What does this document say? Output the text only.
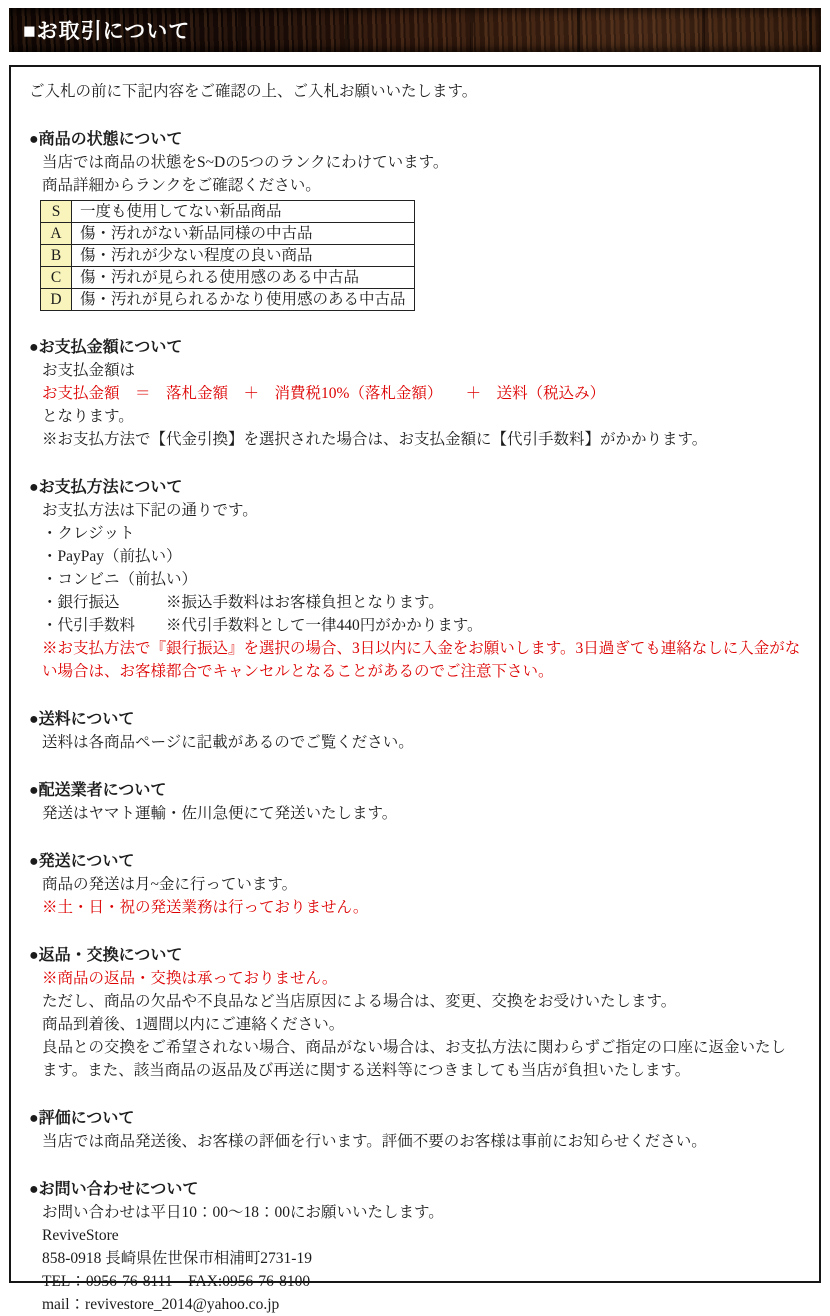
■お取引について

ご入札の前に下記内容をご確認の上、ご入札お願いいたします。

●商品の状態について
当店では商品の状態をS~Dの5つのランクにわけています。
商品詳細からランクをご確認ください。
S	一度も使用してない新品商品
A	傷・汚れがない新品同様の中古品
B	傷・汚れが少ない程度の良い商品
C	傷・汚れが見られる使用感のある中古品
D	傷・汚れが見られるかなり使用感のある中古品
●お支払金額について
お支払金額は
お支払金額　＝　落札金額　＋　消費税10%（落札金額）　　＋　送料（税込み）
となります。
※お支払方法で【代金引換】を選択された場合は、お支払金額に【代引手数料】がかかります。
●お支払方法について
お支払方法は下記の通りです。
・クレジット
・PayPay（前払い）
・コンビニ（前払い）
・銀行振込　　　※振込手数料はお客様負担となります。
・代引手数料　　※代引手数料として一律440円がかかります。
※お支払方法で『銀行振込』を選択の場合、3日以内に入金をお願いします。3日過ぎても連絡なしに入金がない場合は、お客様都合でキャンセルとなることがあるのでご注意下さい。
●送料について
送料は各商品ページに記載があるのでご覧ください。
●配送業者について
発送はヤマト運輸・佐川急便にて発送いたします。
●発送について
商品の発送は月~金に行っています。
※土・日・祝の発送業務は行っておりません。
●返品・交換について
※商品の返品・交換は承っておりません。
ただし、商品の欠品や不良品など当店原因による場合は、変更、交換をお受けいたします。
商品到着後、1週間以内にご連絡ください。
良品との交換をご希望されない場合、商品がない場合は、お支払方法に関わらずご指定の口座に返金いたします。また、該当商品の返品及び再送に関する送料等につきましても当店が負担いたします。
●評価について
当店では商品発送後、お客様の評価を行います。評価不要のお客様は事前にお知らせください。
●お問い合わせについて
お問い合わせは平日10：00〜18：00にお願いいたします。
ReviveStore
858-0918 長崎県佐世保市相浦町2731-19
TEL：0956-76-8111　FAX:0956-76-8100
mail：revivestore_2014@yahoo.co.jp
